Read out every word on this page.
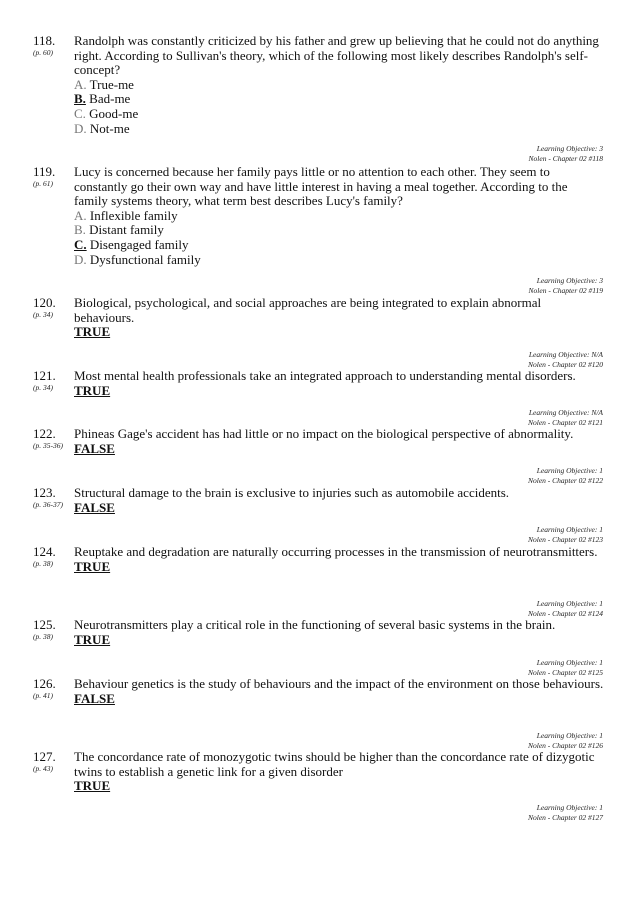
118.
(p. 60)
Randolph was constantly criticized by his father and grew up believing that he could not do anything right. According to Sullivan's theory, which of the following most likely describes Randolph's self-concept?
A. True-me
B. Bad-me
C. Good-me
D. Not-me
Learning Objective: 3
Nolen - Chapter 02 #118
119.
(p. 61)
Lucy is concerned because her family pays little or no attention to each other. They seem to constantly go their own way and have little interest in having a meal together. According to the family systems theory, what term best describes Lucy's family?
A. Inflexible family
B. Distant family
C. Disengaged family
D. Dysfunctional family
Learning Objective: 3
Nolen - Chapter 02 #119
120.
(p. 34)
Biological, psychological, and social approaches are being integrated to explain abnormal behaviours.
TRUE
Learning Objective: N/A
Nolen - Chapter 02 #120
121.
(p. 34)
Most mental health professionals take an integrated approach to understanding mental disorders.
TRUE
Learning Objective: N/A
Nolen - Chapter 02 #121
122.
(p. 35-36)
Phineas Gage's accident has had little or no impact on the biological perspective of abnormality.
FALSE
Learning Objective: 1
Nolen - Chapter 02 #122
123.
(p. 36-37)
Structural damage to the brain is exclusive to injuries such as automobile accidents.
FALSE
Learning Objective: 1
Nolen - Chapter 02 #123
124.
(p. 38)
Reuptake and degradation are naturally occurring processes in the transmission of neurotransmitters.
TRUE
Learning Objective: 1
Nolen - Chapter 02 #124
125.
(p. 38)
Neurotransmitters play a critical role in the functioning of several basic systems in the brain.
TRUE
Learning Objective: 1
Nolen - Chapter 02 #125
126.
(p. 41)
Behaviour genetics is the study of behaviours and the impact of the environment on those behaviours.
FALSE
Learning Objective: 1
Nolen - Chapter 02 #126
127.
(p. 43)
The concordance rate of monozygotic twins should be higher than the concordance rate of dizygotic twins to establish a genetic link for a given disorder
TRUE
Learning Objective: 1
Nolen - Chapter 02 #127
